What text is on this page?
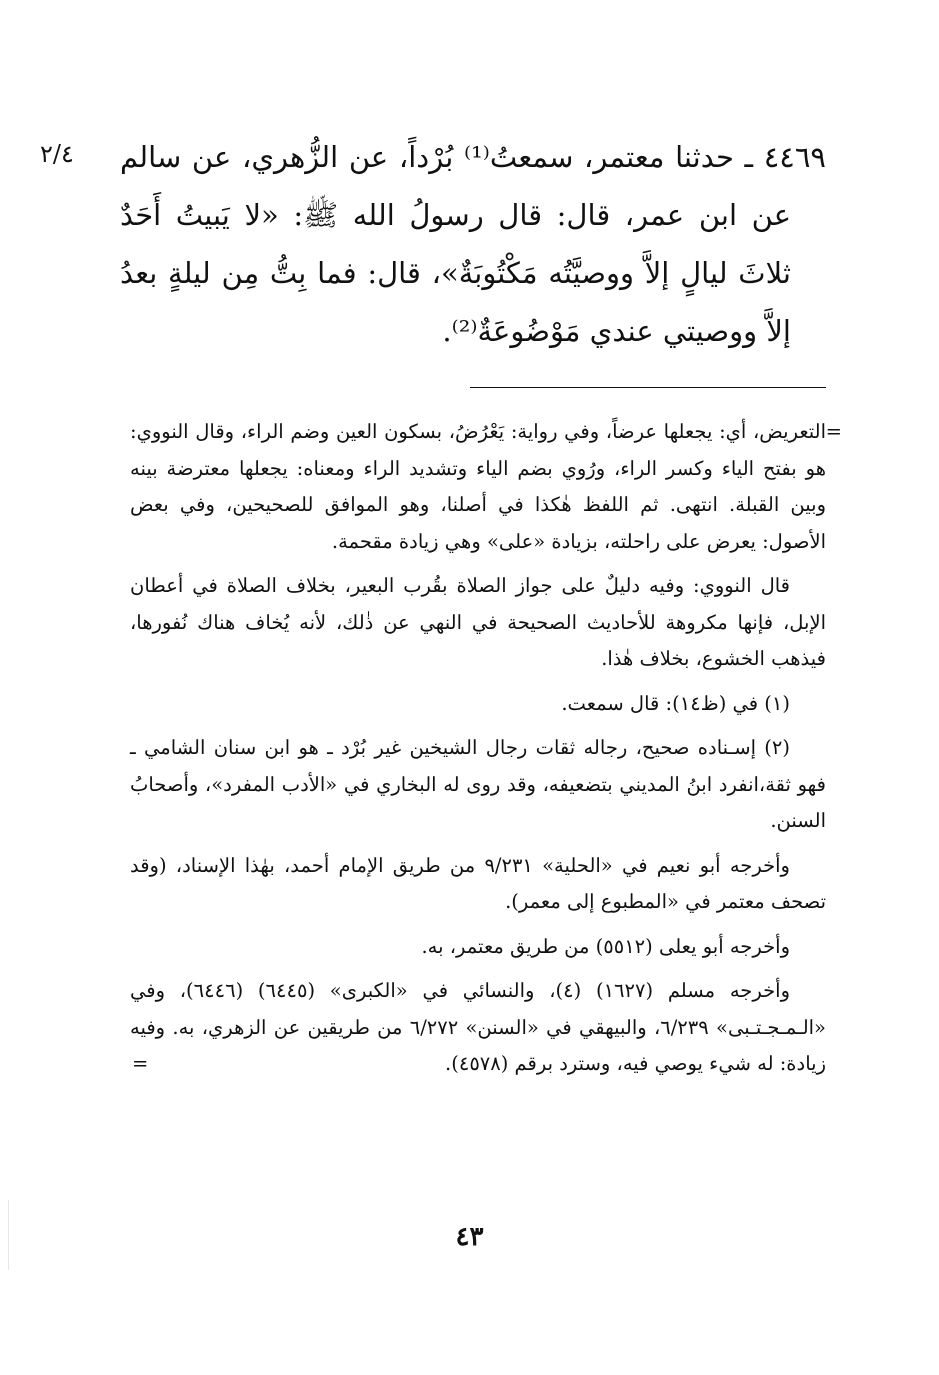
٢/٤ ٤٤٦٩ ـ حدثنا معتمر، سمعتُ⁽¹⁾ بُرْداً، عن الزُّهري، عن سالم عن ابن عمر، قال: قال رسولُ الله ﷺ: «لا يَبيتُ أَحَدٌ ثلاثَ ليالٍ إلاَّ ووصيَّتُه مَكْتُوبَةٌ»، قال: فما بِتُّ مِن ليلةٍ بعدُ إلاَّ ووصيتي عندي مَوْضُوعَةٌ⁽²⁾.

=
التعريض، أي: يجعلها عرضاً، وفي رواية: يَعْرُضُ، بسكون العين وضم الراء، وقال النووي: هو بفتح الياء وكسر الراء، ورُوي بضم الياء وتشديد الراء ومعناه: يجعلها معترضة بينه وبين القبلة. انتهى. ثم اللفظ هٰكذا في أصلنا، وهو الموافق للصحيحين، وفي بعض الأصول: يعرض على راحلته، بزيادة «على» وهي زيادة مقحمة.

قال النووي: وفيه دليلٌ على جواز الصلاة بقُرب البعير، بخلاف الصلاة في أعطان الإبل، فإنها مكروهة للأحاديث الصحيحة في النهي عن ذٰلك، لأنه يُخاف هناك نُفورها، فيذهب الخشوع، بخلاف هٰذا.

(١) في (ظ١٤): قال سمعت.

(٢) إسـناده صحيح، رجاله ثقات رجال الشيخين غير بُرْد ـ هو ابن سنان الشامي ـ فهو ثقة،انفرد ابنُ المديني بتضعيفه، وقد روى له البخاري في «الأدب المفرد»، وأصحابُ السنن.

وأخرجه أبو نعيم في «الحلية» ٩/٢٣١ من طريق الإمام أحمد، بهٰذا الإسناد، (وقد تصحف معتمر في «المطبوع إلى معمر).

وأخرجه أبو يعلى (٥٥١٢) من طريق معتمر، به.

وأخرجه مسلم (١٦٢٧) (٤)، والنسائي في «الكبرى» (٦٤٤٥) (٦٤٤٦)، وفي «الـمـجـتـبى» ٦/٢٣٩، والبيهقي في «السنن» ٦/٢٧٢ من طريقين عن الزهري، به. وفيه زيادة: له شيء يوصي فيه، وسترد برقم (٤٥٧٨).
=

٤٣
